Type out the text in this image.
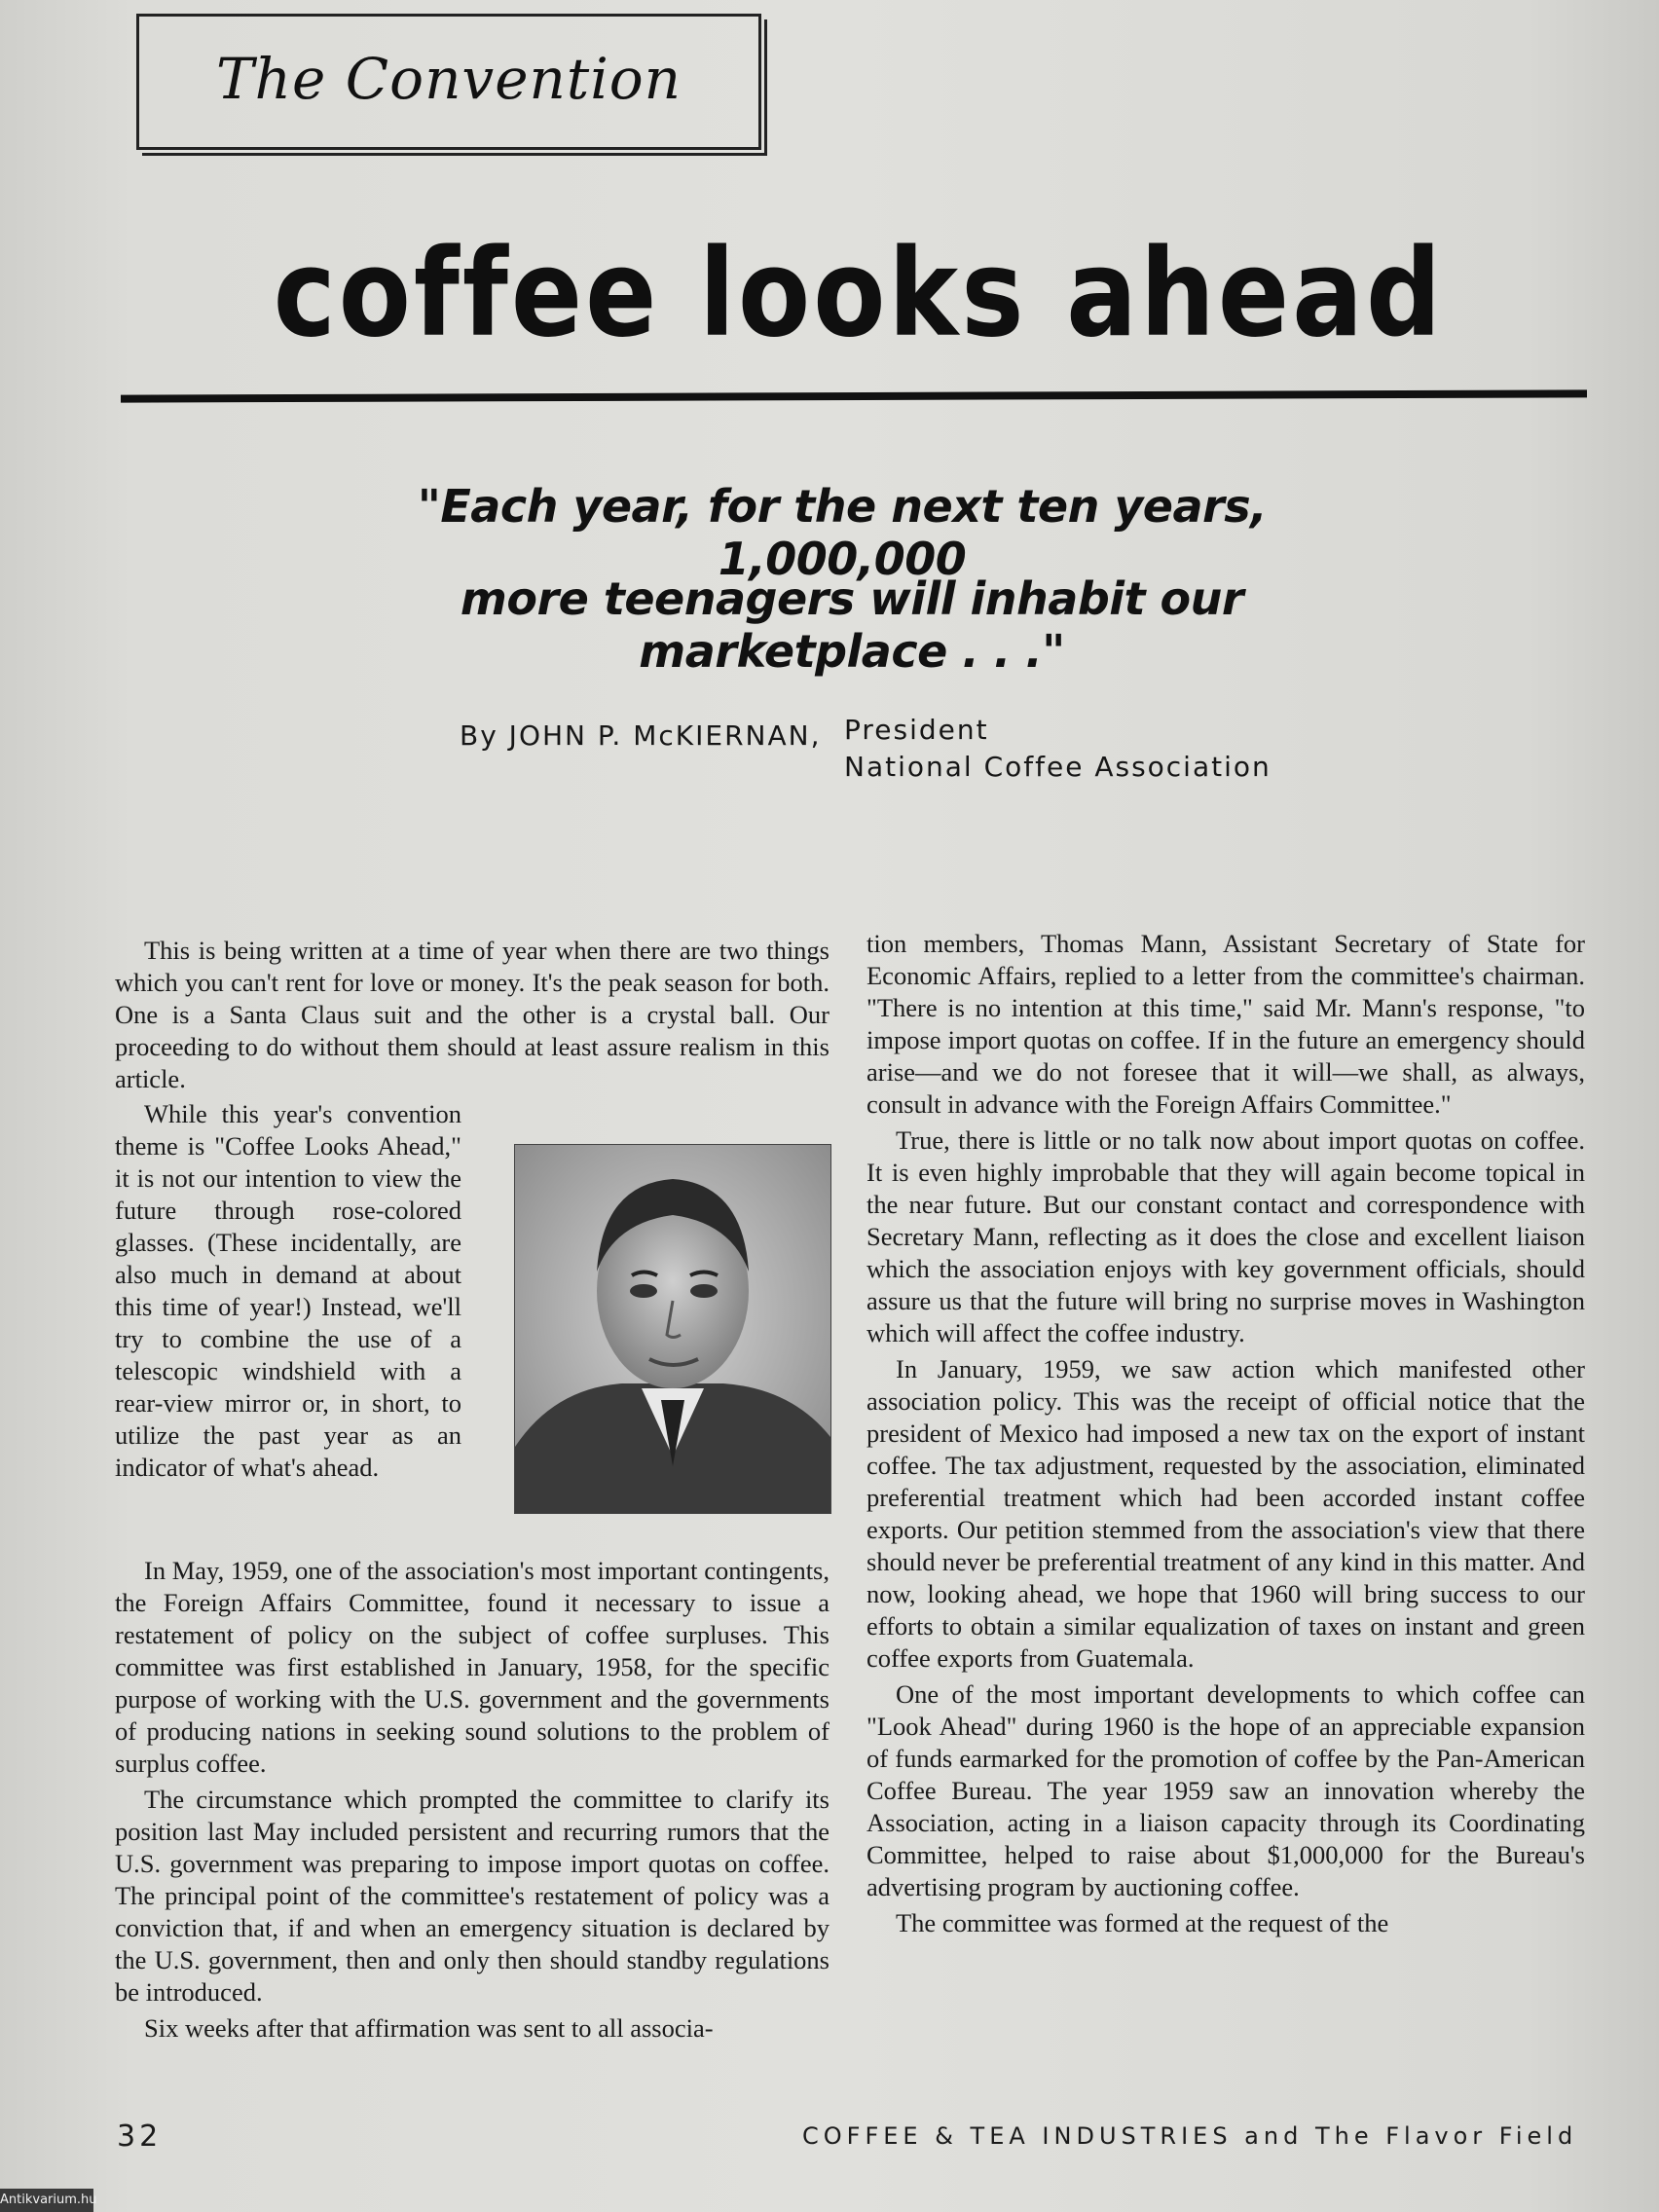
The Convention
coffee looks ahead
"Each year, for the next ten years, 1,000,000
more teenagers will inhabit our marketplace . . ."
By JOHN P. McKIERNAN, President
National Coffee Association

This is being written at a time of year when there are two things which you can't rent for love or money. It's the peak season for both. One is a Santa Claus suit and the other is a crystal ball. Our proceeding to do without them should at least assure realism in this article.

While this year's convention theme is "Coffee Looks Ahead," it is not our intention to view the future through rose-colored glasses. (These incidentally, are also much in demand at about this time of year!) Instead, we'll try to combine the use of a telescopic windshield with a rear-view mirror or, in short, to utilize the past year as an indicator of what's ahead.

In May, 1959, one of the association's most important contingents, the Foreign Affairs Committee, found it necessary to issue a restatement of policy on the subject of coffee surpluses. This committee was first established in January, 1958, for the specific purpose of working with the U.S. government and the governments of producing nations in seeking sound solutions to the problem of surplus coffee.

The circumstance which prompted the committee to clarify its position last May included persistent and recurring rumors that the U.S. government was preparing to impose import quotas on coffee. The principal point of the committee's restatement of policy was a conviction that, if and when an emergency situation is declared by the U.S. government, then and only then should standby regulations be introduced.

Six weeks after that affirmation was sent to all associa-

tion members, Thomas Mann, Assistant Secretary of State for Economic Affairs, replied to a letter from the committee's chairman. "There is no intention at this time," said Mr. Mann's response, "to impose import quotas on coffee. If in the future an emergency should arise—and we do not foresee that it will—we shall, as always, consult in advance with the Foreign Affairs Committee."

True, there is little or no talk now about import quotas on coffee. It is even highly improbable that they will again become topical in the near future. But our constant contact and correspondence with Secretary Mann, reflecting as it does the close and excellent liaison which the association enjoys with key government officials, should assure us that the future will bring no surprise moves in Washington which will affect the coffee industry.

In January, 1959, we saw action which manifested other association policy. This was the receipt of official notice that the president of Mexico had imposed a new tax on the export of instant coffee. The tax adjustment, requested by the association, eliminated preferential treatment which had been accorded instant coffee exports. Our petition stemmed from the association's view that there should never be preferential treatment of any kind in this matter. And now, looking ahead, we hope that 1960 will bring success to our efforts to obtain a similar equalization of taxes on instant and green coffee exports from Guatemala.

One of the most important developments to which coffee can "Look Ahead" during 1960 is the hope of an appreciable expansion of funds earmarked for the promotion of coffee by the Pan-American Coffee Bureau. The year 1959 saw an innovation whereby the Association, acting in a liaison capacity through its Coordinating Committee, helped to raise about $1,000,000 for the Bureau's advertising program by auctioning coffee.

The committee was formed at the request of the

32	COFFEE & TEA INDUSTRIES and The Flavor Field
Antikvarium.hu
